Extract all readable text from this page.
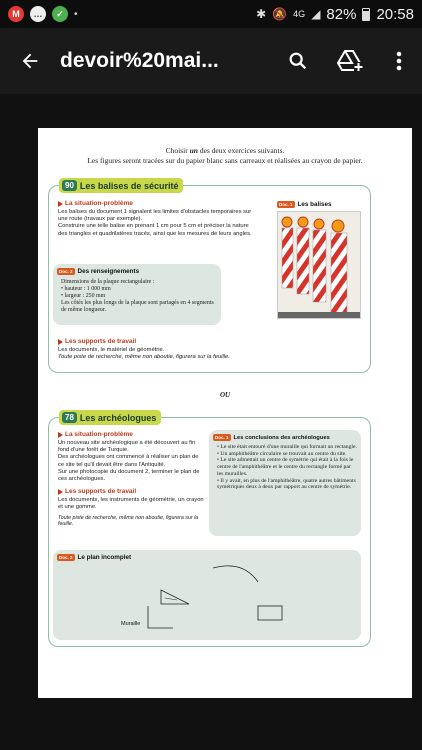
M	…	✓	•	✱ 🔕 4G ◢ 82% 20:58
devoir%20mai...
Choisir un des deux exercices suivants.
Les figures seront tracées sur du papier blanc sans carreaux et réalisées au crayon de papier.
90 Les balises de sécurité
La situation-problème
Les balises du document 1 signalent les limites d'obstacles temporaires sur une route (travaux par exemple).
Construire une telle balise en prenant 1 cm pour 5 cm et préciser la nature des triangles et quadrilatères tracés, ainsi que les mesures de leurs angles.
Doc. 1 Les balises
Doc. 2 Des renseignements
Dimensions de la plaque rectangulaire :
• hauteur : 1 000 mm
• largeur : 250 mm
Les côtés les plus longs de la plaque sont partagés en 4 segments de même longueur.
Les supports de travail
Les documents, le matériel de géométrie.
Toute piste de recherche, même non aboutie, figurera sur la feuille.
OU
78 Les archéologues
La situation-problème
Un nouveau site archéologique a été découvert au fin fond d'une forêt de Turquie.
Des archéologues ont commencé à réaliser un plan de ce site tel qu'il devait être dans l'Antiquité.
Sur une photocopie du document 2, terminer le plan de ces archéologues.
Les supports de travail
Les documents, les instruments de géométrie, un crayon et une gomme.
Toute piste de recherche, même non aboutie, figurera sur la feuille.
Doc. 1 Les conclusions des archéologues
• Le site était entouré d'une muraille qui formait un rectangle.
• Un amphithéâtre circulaire se trouvait au centre du site.
• Le site admettait un centre de symétrie qui était à la fois le centre de l'amphithéâtre et le centre du rectangle formé par les murailles.
• Il y avait, en plus de l'amphithéâtre, quatre autres bâtiments symétriques deux à deux par rapport au centre de symétrie.
Doc. 2 Le plan incomplet
Muraille
